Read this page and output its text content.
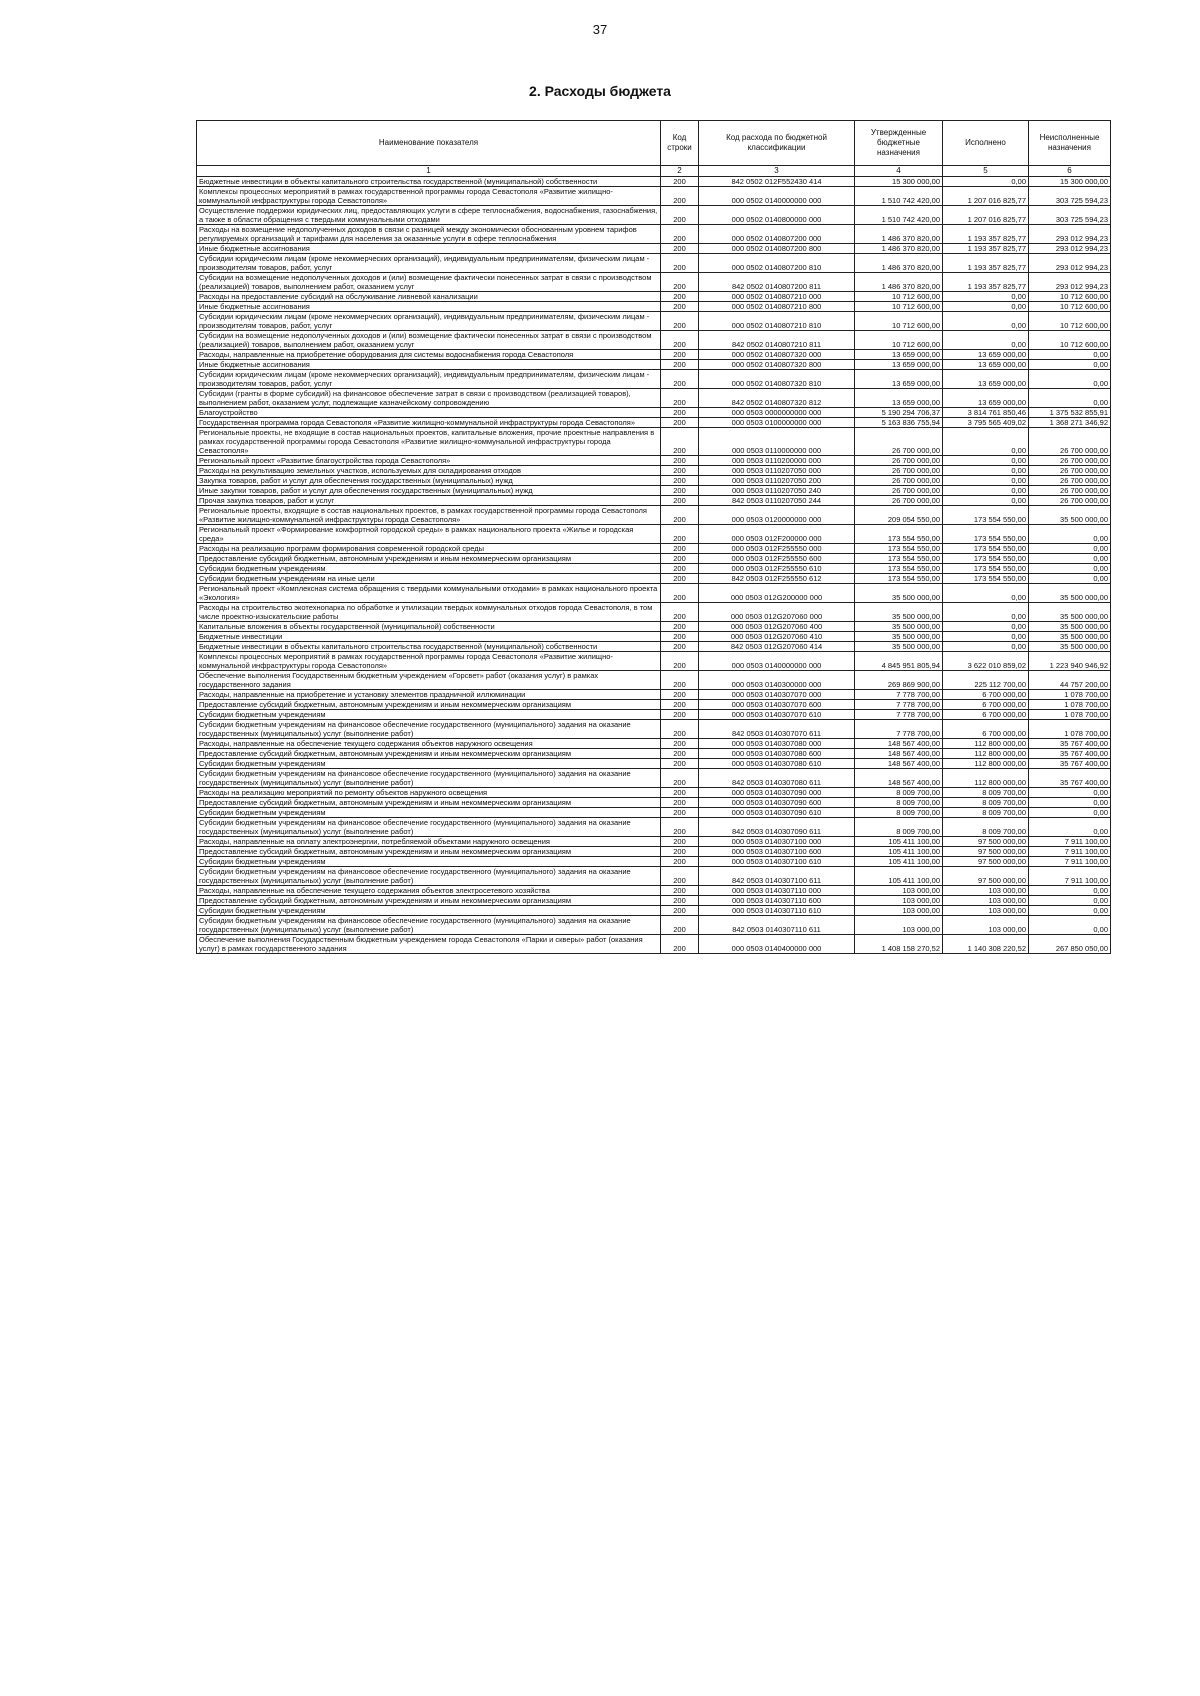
37
2. Расходы бюджета
Наименование показателя	Код строки	Код расхода по бюджетной классификации	Утвержденные бюджетные назначения	Исполнено	Неисполненные назначения
1	2	3	4	5	6
Бюджетные инвестиции в объекты капитального строительства государственной (муниципальной) собственности	200	842 0502 012F552430 414	15 300 000,00	0,00	15 300 000,00
Комплексы процессных мероприятий в рамках государственной программы города Севастополя «Развитие жилищно-коммунальной инфраструктуры города Севастополя»	200	000 0502 0140000000 000	1 510 742 420,00	1 207 016 825,77	303 725 594,23
Осуществление поддержки юридических лиц, предоставляющих услуги в сфере теплоснабжения, водоснабжения, газоснабжения, а также в области обращения с твердыми коммунальными отходами	200	000 0502 0140800000 000	1 510 742 420,00	1 207 016 825,77	303 725 594,23
Расходы на возмещение недополученных доходов в связи с разницей между экономически обоснованным уровнем тарифов регулируемых организаций и тарифами для населения за оказанные услуги в сфере теплоснабжения	200	000 0502 0140807200 000	1 486 370 820,00	1 193 357 825,77	293 012 994,23
Иные бюджетные ассигнования	200	000 0502 0140807200 800	1 486 370 820,00	1 193 357 825,77	293 012 994,23
Субсидии юридическим лицам (кроме некоммерческих организаций), индивидуальным предпринимателям, физическим лицам - производителям товаров, работ, услуг	200	000 0502 0140807200 810	1 486 370 820,00	1 193 357 825,77	293 012 994,23
Субсидии на возмещение недополученных доходов и (или) возмещение фактически понесенных затрат в связи с производством (реализацией) товаров, выполнением работ, оказанием услуг	200	842 0502 0140807200 811	1 486 370 820,00	1 193 357 825,77	293 012 994,23
Расходы на предоставление субсидий на обслуживание ливневой канализации	200	000 0502 0140807210 000	10 712 600,00	0,00	10 712 600,00
Иные бюджетные ассигнования	200	000 0502 0140807210 800	10 712 600,00	0,00	10 712 600,00
Субсидии юридическим лицам (кроме некоммерческих организаций), индивидуальным предпринимателям, физическим лицам - производителям товаров, работ, услуг	200	000 0502 0140807210 810	10 712 600,00	0,00	10 712 600,00
Субсидии на возмещение недополученных доходов и (или) возмещение фактически понесенных затрат в связи с производством (реализацией) товаров, выполнением работ, оказанием услуг	200	842 0502 0140807210 811	10 712 600,00	0,00	10 712 600,00
Расходы, направленные на приобретение оборудования для системы водоснабжения города Севастополя	200	000 0502 0140807320 000	13 659 000,00	13 659 000,00	0,00
Иные бюджетные ассигнования	200	000 0502 0140807320 800	13 659 000,00	13 659 000,00	0,00
Субсидии юридическим лицам (кроме некоммерческих организаций), индивидуальным предпринимателям, физическим лицам - производителям товаров, работ, услуг	200	000 0502 0140807320 810	13 659 000,00	13 659 000,00	0,00
Субсидии (гранты в форме субсидий) на финансовое обеспечение затрат в связи с производством (реализацией товаров), выполнением работ, оказанием услуг, подлежащие казначейскому сопровождению	200	842 0502 0140807320 812	13 659 000,00	13 659 000,00	0,00
Благоустройство	200	000 0503 0000000000 000	5 190 294 706,37	3 814 761 850,46	1 375 532 855,91
Государственная программа города Севастополя «Развитие жилищно-коммунальной инфраструктуры города Севастополя»	200	000 0503 0100000000 000	5 163 836 755,94	3 795 565 409,02	1 368 271 346,92
Региональные проекты, не входящие в состав национальных проектов, капитальные вложения, прочие проектные направления в рамках государственной программы города Севастополя «Развитие жилищно-коммунальной инфраструктуры города Севастополя»	200	000 0503 0110000000 000	26 700 000,00	0,00	26 700 000,00
Региональный проект «Развитие благоустройства города Севастополя»	200	000 0503 0110200000 000	26 700 000,00	0,00	26 700 000,00
Расходы на рекультивацию земельных участков, используемых для складирования отходов	200	000 0503 0110207050 000	26 700 000,00	0,00	26 700 000,00
Закупка товаров, работ и услуг для обеспечения государственных (муниципальных) нужд	200	000 0503 0110207050 200	26 700 000,00	0,00	26 700 000,00
Иные закупки товаров, работ и услуг для обеспечения государственных (муниципальных) нужд	200	000 0503 0110207050 240	26 700 000,00	0,00	26 700 000,00
Прочая закупка товаров, работ и услуг	200	842 0503 0110207050 244	26 700 000,00	0,00	26 700 000,00
Региональные проекты, входящие в состав национальных проектов, в рамках государственной программы города Севастополя «Развитие жилищно-коммунальной инфраструктуры города Севастополя»	200	000 0503 0120000000 000	209 054 550,00	173 554 550,00	35 500 000,00
Региональный проект «Формирование комфортной городской среды» в рамках национального проекта «Жилье и городская среда»	200	000 0503 012F200000 000	173 554 550,00	173 554 550,00	0,00
Расходы на реализацию программ формирования современной городской среды	200	000 0503 012F255550 000	173 554 550,00	173 554 550,00	0,00
Предоставление субсидий бюджетным, автономным учреждениям и иным некоммерческим организациям	200	000 0503 012F255550 600	173 554 550,00	173 554 550,00	0,00
Субсидии бюджетным учреждениям	200	000 0503 012F255550 610	173 554 550,00	173 554 550,00	0,00
Субсидии бюджетным учреждениям на иные цели	200	842 0503 012F255550 612	173 554 550,00	173 554 550,00	0,00
Региональный проект «Комплексная система обращения с твердыми коммунальными отходами» в рамках национального проекта «Экология»	200	000 0503 012G200000 000	35 500 000,00	0,00	35 500 000,00
Расходы на строительство экотехнопарка по обработке и утилизации твердых коммунальных отходов города Севастополя, в том числе проектно-изыскательские работы	200	000 0503 012G207060 000	35 500 000,00	0,00	35 500 000,00
Капитальные вложения в объекты государственной (муниципальной) собственности	200	000 0503 012G207060 400	35 500 000,00	0,00	35 500 000,00
Бюджетные инвестиции	200	000 0503 012G207060 410	35 500 000,00	0,00	35 500 000,00
Бюджетные инвестиции в объекты капитального строительства государственной (муниципальной) собственности	200	842 0503 012G207060 414	35 500 000,00	0,00	35 500 000,00
Комплексы процессных мероприятий в рамках государственной программы города Севастополя «Развитие жилищно-коммунальной инфраструктуры города Севастополя»	200	000 0503 0140000000 000	4 845 951 805,94	3 622 010 859,02	1 223 940 946,92
Обеспечение выполнения Государственным бюджетным учреждением «Горсвет» работ (оказания услуг) в рамках государственного задания	200	000 0503 0140300000 000	269 869 900,00	225 112 700,00	44 757 200,00
Расходы, направленные на приобретение и установку элементов праздничной иллюминации	200	000 0503 0140307070 000	7 778 700,00	6 700 000,00	1 078 700,00
Предоставление субсидий бюджетным, автономным учреждениям и иным некоммерческим организациям	200	000 0503 0140307070 600	7 778 700,00	6 700 000,00	1 078 700,00
Субсидии бюджетным учреждениям	200	000 0503 0140307070 610	7 778 700,00	6 700 000,00	1 078 700,00
Субсидии бюджетным учреждениям на финансовое обеспечение государственного (муниципального) задания на оказание государственных (муниципальных) услуг (выполнение работ)	200	842 0503 0140307070 611	7 778 700,00	6 700 000,00	1 078 700,00
Расходы, направленные на обеспечение текущего содержания объектов наружного освещения	200	000 0503 0140307080 000	148 567 400,00	112 800 000,00	35 767 400,00
Предоставление субсидий бюджетным, автономным учреждениям и иным некоммерческим организациям	200	000 0503 0140307080 600	148 567 400,00	112 800 000,00	35 767 400,00
Субсидии бюджетным учреждениям	200	000 0503 0140307080 610	148 567 400,00	112 800 000,00	35 767 400,00
Субсидии бюджетным учреждениям на финансовое обеспечение государственного (муниципального) задания на оказание государственных (муниципальных) услуг (выполнение работ)	200	842 0503 0140307080 611	148 567 400,00	112 800 000,00	35 767 400,00
Расходы на реализацию мероприятий по ремонту объектов наружного освещения	200	000 0503 0140307090 000	8 009 700,00	8 009 700,00	0,00
Предоставление субсидий бюджетным, автономным учреждениям и иным некоммерческим организациям	200	000 0503 0140307090 600	8 009 700,00	8 009 700,00	0,00
Субсидии бюджетным учреждениям	200	000 0503 0140307090 610	8 009 700,00	8 009 700,00	0,00
Субсидии бюджетным учреждениям на финансовое обеспечение государственного (муниципального) задания на оказание государственных (муниципальных) услуг (выполнение работ)	200	842 0503 0140307090 611	8 009 700,00	8 009 700,00	0,00
Расходы, направленные на оплату электроэнергии, потребляемой объектами наружного освещения	200	000 0503 0140307100 000	105 411 100,00	97 500 000,00	7 911 100,00
Предоставление субсидий бюджетным, автономным учреждениям и иным некоммерческим организациям	200	000 0503 0140307100 600	105 411 100,00	97 500 000,00	7 911 100,00
Субсидии бюджетным учреждениям	200	000 0503 0140307100 610	105 411 100,00	97 500 000,00	7 911 100,00
Субсидии бюджетным учреждениям на финансовое обеспечение государственного (муниципального) задания на оказание государственных (муниципальных) услуг (выполнение работ)	200	842 0503 0140307100 611	105 411 100,00	97 500 000,00	7 911 100,00
Расходы, направленные на обеспечение текущего содержания объектов электросетевого хозяйства	200	000 0503 0140307110 000	103 000,00	103 000,00	0,00
Предоставление субсидий бюджетным, автономным учреждениям и иным некоммерческим организациям	200	000 0503 0140307110 600	103 000,00	103 000,00	0,00
Субсидии бюджетным учреждениям	200	000 0503 0140307110 610	103 000,00	103 000,00	0,00
Субсидии бюджетным учреждениям на финансовое обеспечение государственного (муниципального) задания на оказание государственных (муниципальных) услуг (выполнение работ)	200	842 0503 0140307110 611	103 000,00	103 000,00	0,00
Обеспечение выполнения Государственным бюджетным учреждением города Севастополя «Парки и скверы» работ (оказания услуг) в рамках государственного задания	200	000 0503 0140400000 000	1 408 158 270,52	1 140 308 220,52	267 850 050,00
